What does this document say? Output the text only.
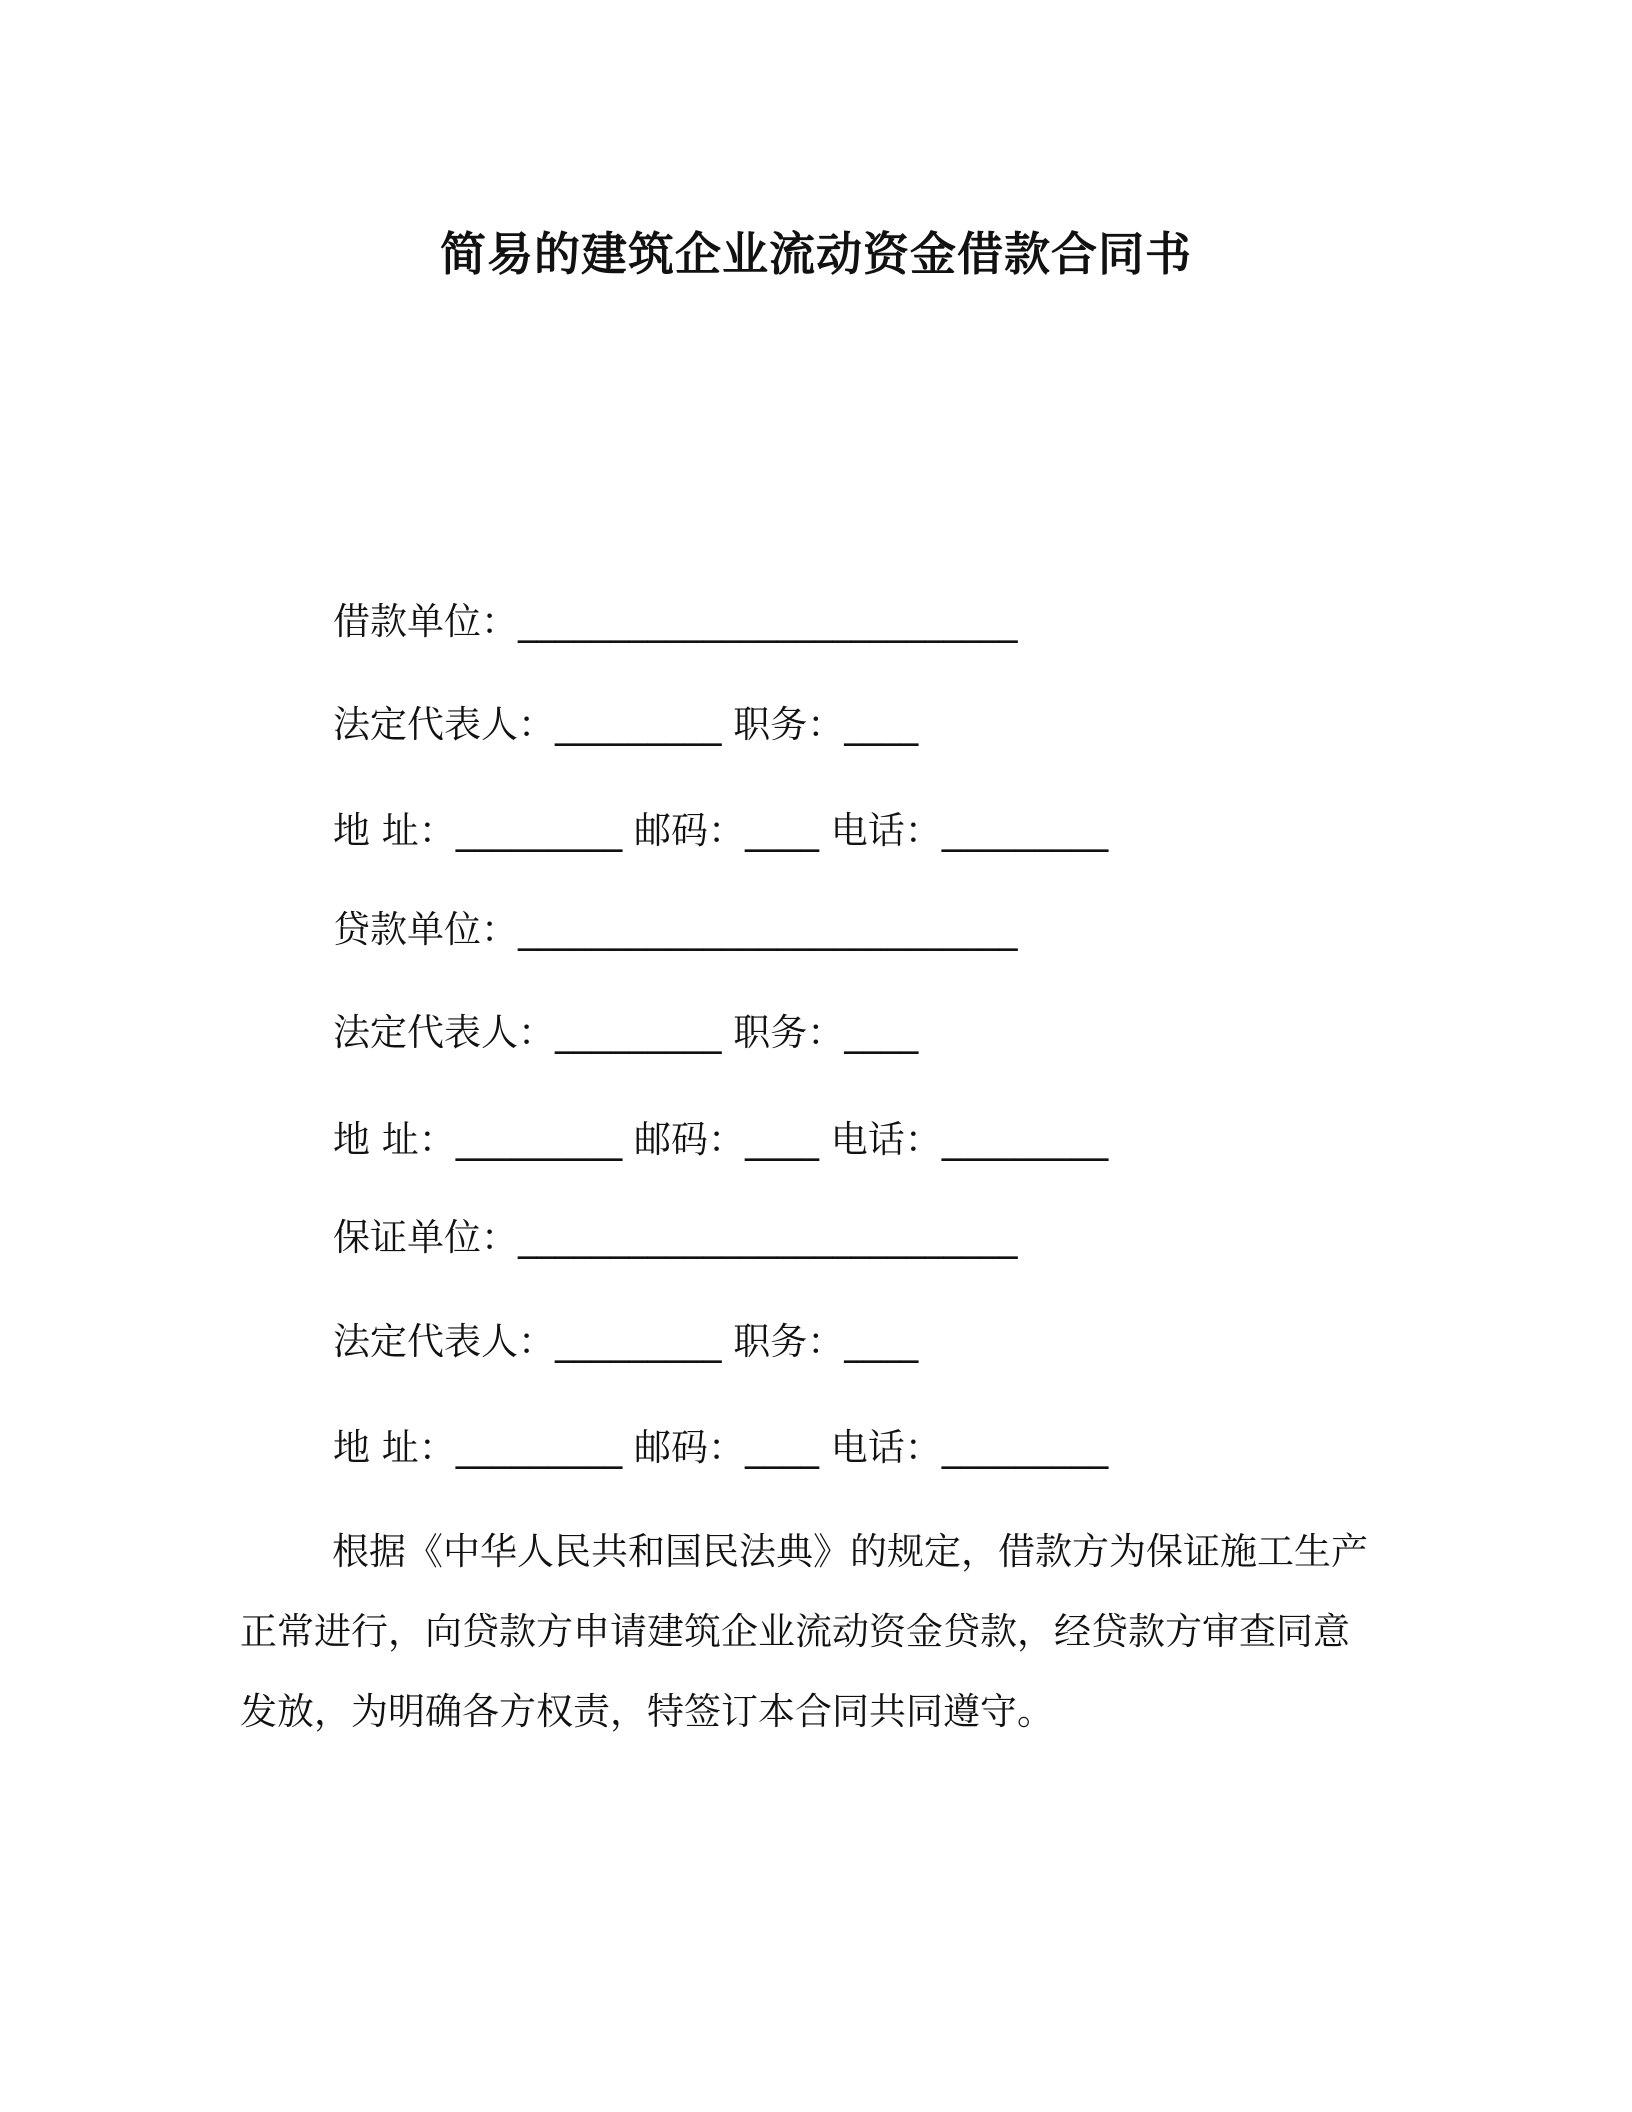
简易的建筑企业流动资金借款合同书
借款单位：___________________________
法定代表人：_________ 职务：____
地 址：_________ 邮码：____ 电话：_________
贷款单位：___________________________
法定代表人：_________ 职务：____
地 址：_________ 邮码：____ 电话：_________
保证单位：___________________________
法定代表人：_________ 职务：____
地 址：_________ 邮码：____ 电话：_________
根据《中华人民共和国民法典》的规定，借款方为保证施工生产正常进行，向贷款方申请建筑企业流动资金贷款，经贷款方审查同意发放，为明确各方权责，特签订本合同共同遵守。
